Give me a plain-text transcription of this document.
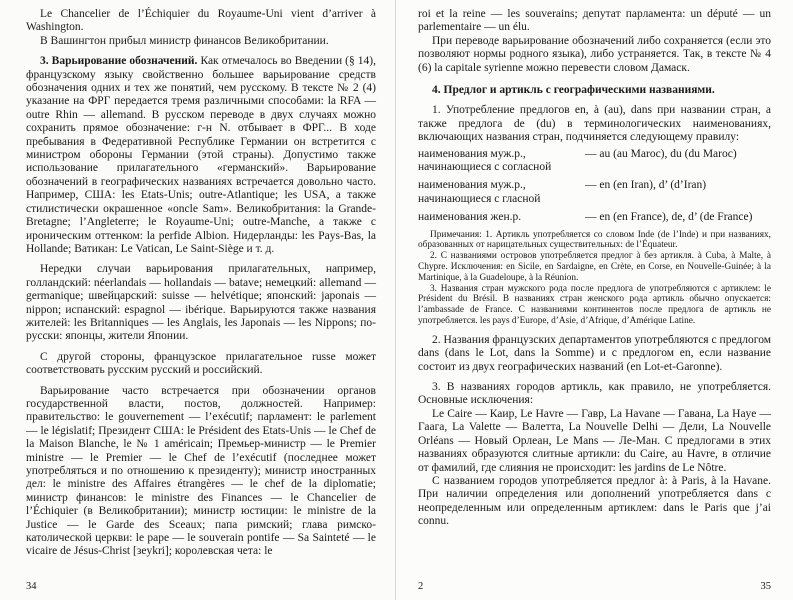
Le Chancelier de l’Échiquier du Royaume-Uni vient d’arriver à Washington.

В Вашингтон прибыл министр финансов Великобритании.

3. Варьирование обозначений. Как отмечалось во Введении (§ 14), французскому языку свойственно большее варьирование средств обозначения одних и тех же понятий, чем русскому. В тексте № 2 (4) указание на ФРГ передается тремя различными способами: la RFA — outre Rhin — allemand. В русском переводе в двух случаях можно сохранить прямое обозначение: г-н N. отбывает в ФРГ... В ходе пребывания в Федеративной Республике Германии он встретится с министром обороны Германии (этой страны). Допустимо также использование прилагательного «германский». Варьирование обозначений в географических названиях встречается довольно часто. Например, США: les Etats-Unis; outre-Atlantique; les USA, а также стилистически окрашенное «oncle Sam». Великобритания: la Grande-Bretagne; l’Angleterre; le Royaume-Uni; outre-Manche, а также с ироническим оттенком: la perfide Albion. Нидерланды: les Pays-Bas, la Hollande; Ватикан: Le Vatican, Le Saint-Siège и т. д.

Нередки случаи варьирования прилагательных, например, голландский: néerlandais — hollandais — batave; немецкий: allemand — germanique; швейцарский: suisse — helvétique; японский: japonais — nippon; испанский: espagnol — ibérique. Варьируются также названия жителей: les Britanniques — les Anglais, les Japonais — les Nippons; по-русски: японцы, жители Японии.

С другой стороны, французское прилагательное russe может соответствовать русским русский и российский.

Варьирование часто встречается при обозначении органов государственной власти, постов, должностей. Например: правительство: le gouvernement — l’exécutif; парламент: le parlement — le législatif; Президент США: le Président des Etats-Unis — le Chef de la Maison Blanche, le № 1 américain; Премьер-министр — le Premier ministre — le Premier — le Chef de l’exécutif (последнее может употребляться и по отношению к президенту); министр иностранных дел: le ministre des Affaires étrangères — le chef de la diplomatie; министр финансов: le ministre des Finances — le Chancelier de l’Échiquier (в Великобритании); министр юстиции: le ministre de la Justice — le Garde des Sceaux; папа римский; глава римско-католической церкви: le pape — le souverain pontife — Sa Sainteté — le vicaire de Jésus-Christ [зeykri]; королевская чета: le

34

roi et la reine — les souverains; депутат парламента: un député — un parlementaire — un élu.

При переводе варьирование обозначений либо сохраняется (если это позволяют нормы родного языка), либо устраняется. Так, в тексте № 4 (6) la capitale syrienne можно перевести словом Дамаск.

4. Предлог и артикль с географическими названиями.

1. Употребление предлогов en, à (au), dans при названии стран, а также предлога de (du) в терминологических наименованиях, включающих названия стран, подчиняется следующему правилу:

наименования муж.р., начинающиеся с согласной
— au (au Maroc), du (du Maroc)
наименования муж.р., начинающиеся с гласной
— en (en Iran), d’ (d’Iran)
наименования жен.р.	— en (en France), de, d’ (de France)

Примечания: 1. Артикль употребляется со словом Inde (de l’Inde) и при названиях, образованных от нарицательных существительных: de l’Équateur.

2. С названиями островов употребляется предлог à без артикля. à Cuba, à Malte, à Chypre. Исключения: en Sicile, en Sardaigne, en Crète, en Corse, en Nouvelle-Guinée; à la Martinique, à la Guadeloupe, à la Réunion.

3. Названия стран мужского рода после предлога de употребляются с артиклем: le Président du Brésil. В названиях стран женского рода артикль обычно опускается: l’ambassade de France. С названиями континентов после предлога de артикль не употребляется. les pays d’Europe, d’Asie, d’Afrique, d’Amérique Latine.

2. Названия французских департаментов употребляются с предлогом dans (dans le Lot, dans la Somme) и с предлогом en, если название состоит из двух географических названий (en Lot-et-Garonne).

3. В названиях городов артикль, как правило, не употребляется. Основные исключения:

Le Caire — Каир, Le Havre — Гавр, La Havane — Гавана, La Haye — Гаага, La Valette — Валетта, La Nouvelle Delhi — Дели, La Nouvelle Orléans — Новый Орлеан, Le Mans — Ле-Ман. С предлогами в этих названиях образуются слитные артикли: du Caire, au Havre, в отличие от фамилий, где слияния не происходит: les jardins de Le Nôtre.

С названием городов употребляется предлог à: à Paris, à la Havane. При наличии определения или дополнений употребляется dans с неопределенным или определенным артиклем: dans le Paris que j’ai connu.

2	35
